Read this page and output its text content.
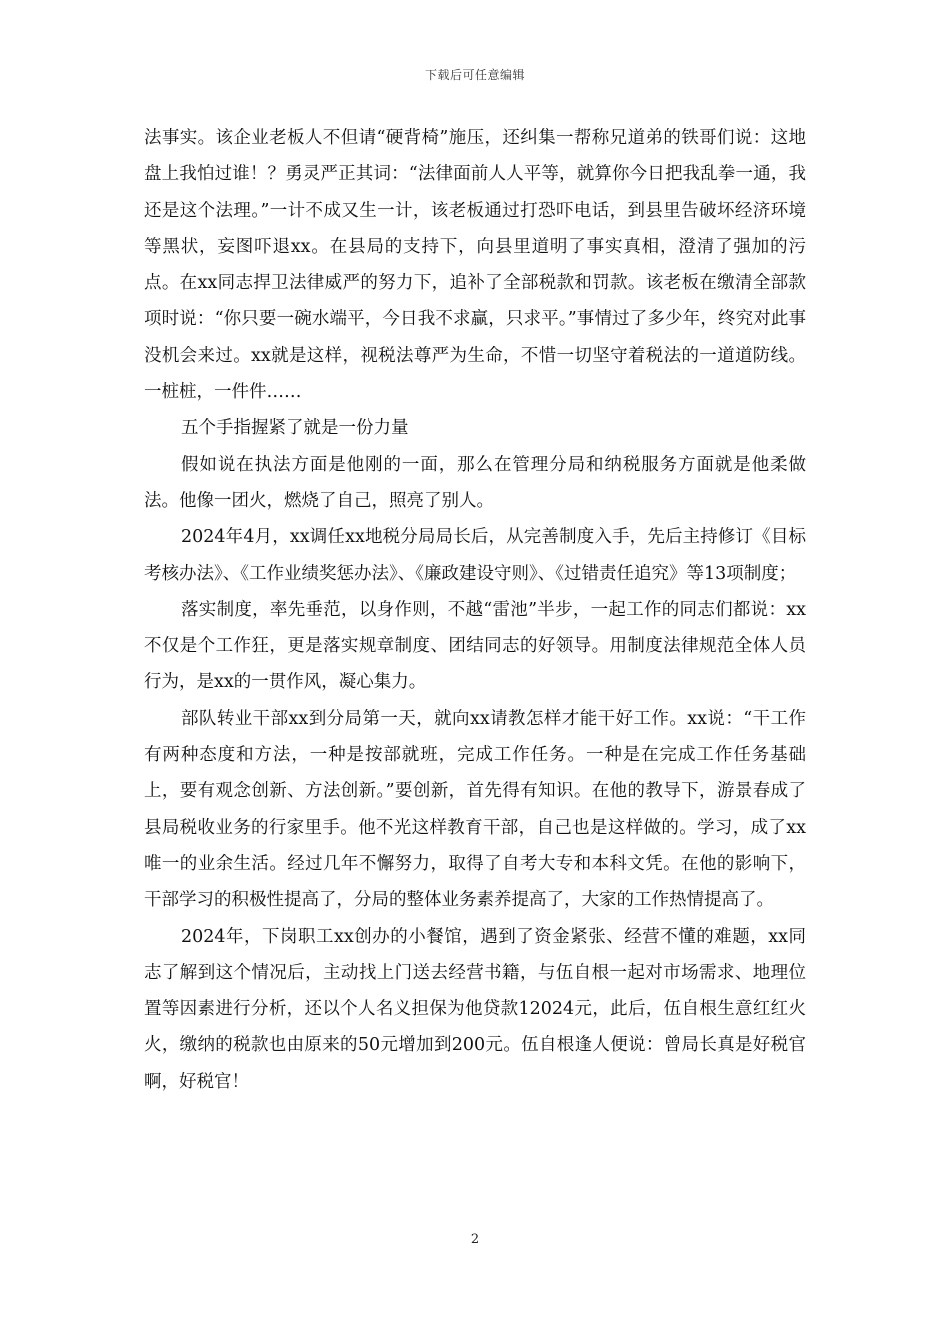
下载后可任意编辑

法事实。该企业老板人不但请“硬背椅”施压，还纠集一帮称兄道弟的铁哥们说：这地盘上我怕过谁！？勇灵严正其词：“法律面前人人平等，就算你今日把我乱拳一通，我还是这个法理。”一计不成又生一计，该老板通过打恐吓电话，到县里告破坏经济环境等黑状，妄图吓退xx。在县局的支持下，向县里道明了事实真相，澄清了强加的污点。在xx同志捍卫法律威严的努力下，追补了全部税款和罚款。该老板在缴清全部款项时说：“你只要一碗水端平，今日我不求赢，只求平。”事情过了多少年，终究对此事没机会来过。xx就是这样，视税法尊严为生命，不惜一切坚守着税法的一道道防线。一桩桩，一件件……

五个手指握紧了就是一份力量

假如说在执法方面是他刚的一面，那么在管理分局和纳税服务方面就是他柔做法。他像一团火，燃烧了自己，照亮了别人。

2024年4月，xx调任xx地税分局局长后，从完善制度入手，先后主持修订《目标考核办法》、《工作业绩奖惩办法》、《廉政建设守则》、《过错责任追究》等13项制度；

落实制度，率先垂范，以身作则，不越“雷池”半步，一起工作的同志们都说：xx不仅是个工作狂，更是落实规章制度、团结同志的好领导。用制度法律规范全体人员行为，是xx的一贯作风，凝心集力。

部队转业干部xx到分局第一天，就向xx请教怎样才能干好工作。xx说：“干工作有两种态度和方法，一种是按部就班，完成工作任务。一种是在完成工作任务基础上，要有观念创新、方法创新。”要创新，首先得有知识。在他的教导下，游景春成了县局税收业务的行家里手。他不光这样教育干部，自己也是这样做的。学习，成了xx唯一的业余生活。经过几年不懈努力，取得了自考大专和本科文凭。在他的影响下，干部学习的积极性提高了，分局的整体业务素养提高了，大家的工作热情提高了。

2024年，下岗职工xx创办的小餐馆，遇到了资金紧张、经营不懂的难题，xx同志了解到这个情况后，主动找上门送去经营书籍，与伍自根一起对市场需求、地理位置等因素进行分析，还以个人名义担保为他贷款12024元，此后，伍自根生意红红火火，缴纳的税款也由原来的50元增加到200元。伍自根逢人便说：曾局长真是好税官啊，好税官！

2
